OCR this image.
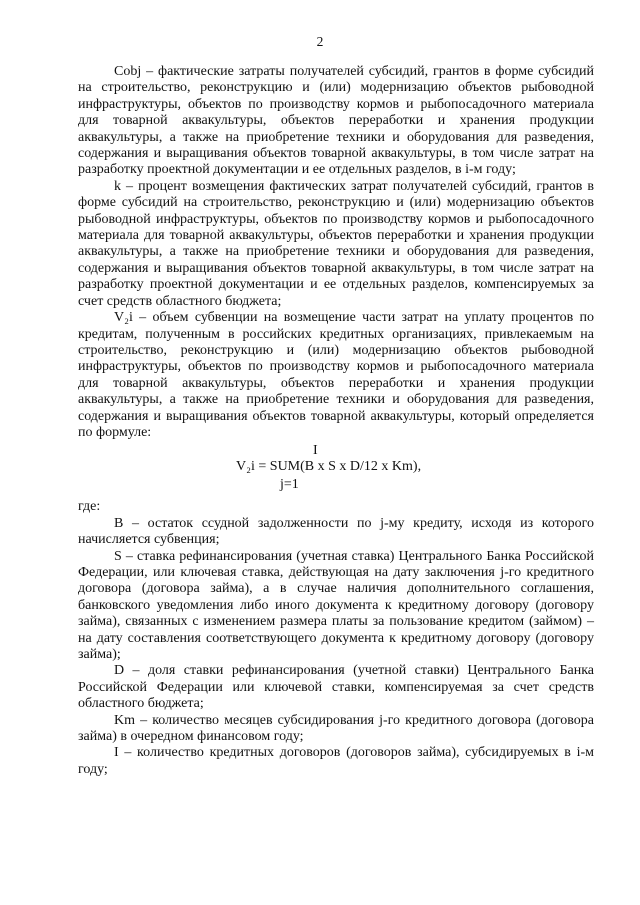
2

Cobj – фактические затраты получателей субсидий, грантов в форме субсидий на строительство, реконструкцию и (или) модернизацию объектов рыбоводной инфраструктуры, объектов по производству кормов и рыбопосадочного материала для товарной аквакультуры, объектов переработки и хранения продукции аквакультуры, а также на приобретение техники и оборудования для разведения, содержания и выращивания объектов товарной аквакультуры, в том числе затрат на разработку проектной документации и ее отдельных разделов, в i-м году;

k – процент возмещения фактических затрат получателей субсидий, грантов в форме субсидий на строительство, реконструкцию и (или) модернизацию объектов рыбоводной инфраструктуры, объектов по производству кормов и рыбопосадочного материала для товарной аквакультуры, объектов переработки и хранения продукции аквакультуры, а также на приобретение техники и оборудования для разведения, содержания и выращивания объектов товарной аквакультуры, в том числе затрат на разработку проектной документации и ее отдельных разделов, компенсируемых за счет средств областного бюджета;

V₂i – объем субвенции на возмещение части затрат на уплату процентов по кредитам, полученным в российских кредитных организациях, привлекаемым на строительство, реконструкцию и (или) модернизацию объектов рыбоводной инфраструктуры, объектов по производству кормов и рыбопосадочного материала для товарной аквакультуры, объектов переработки и хранения продукции аквакультуры, а также на приобретение техники и оборудования для разведения, содержания и выращивания объектов товарной аквакультуры, который определяется по формуле:

I
V₂i = SUM(B x S x D/12 x Km),
j=1

где:

B – остаток ссудной задолженности по j-му кредиту, исходя из которого начисляется субвенция;

S – ставка рефинансирования (учетная ставка) Центрального Банка Российской Федерации, или ключевая ставка, действующая на дату заключения j-го кредитного договора (договора займа), а в случае наличия дополнительного соглашения, банковского уведомления либо иного документа к кредитному договору (договору займа), связанных с изменением размера платы за пользование кредитом (займом) – на дату составления соответствующего документа к кредитному договору (договору займа);

D – доля ставки рефинансирования (учетной ставки) Центрального Банка Российской Федерации или ключевой ставки, компенсируемая за счет средств областного бюджета;

Km – количество месяцев субсидирования j-го кредитного договора (договора займа) в очередном финансовом году;

I – количество кредитных договоров (договоров займа), субсидируемых в i-м году;
